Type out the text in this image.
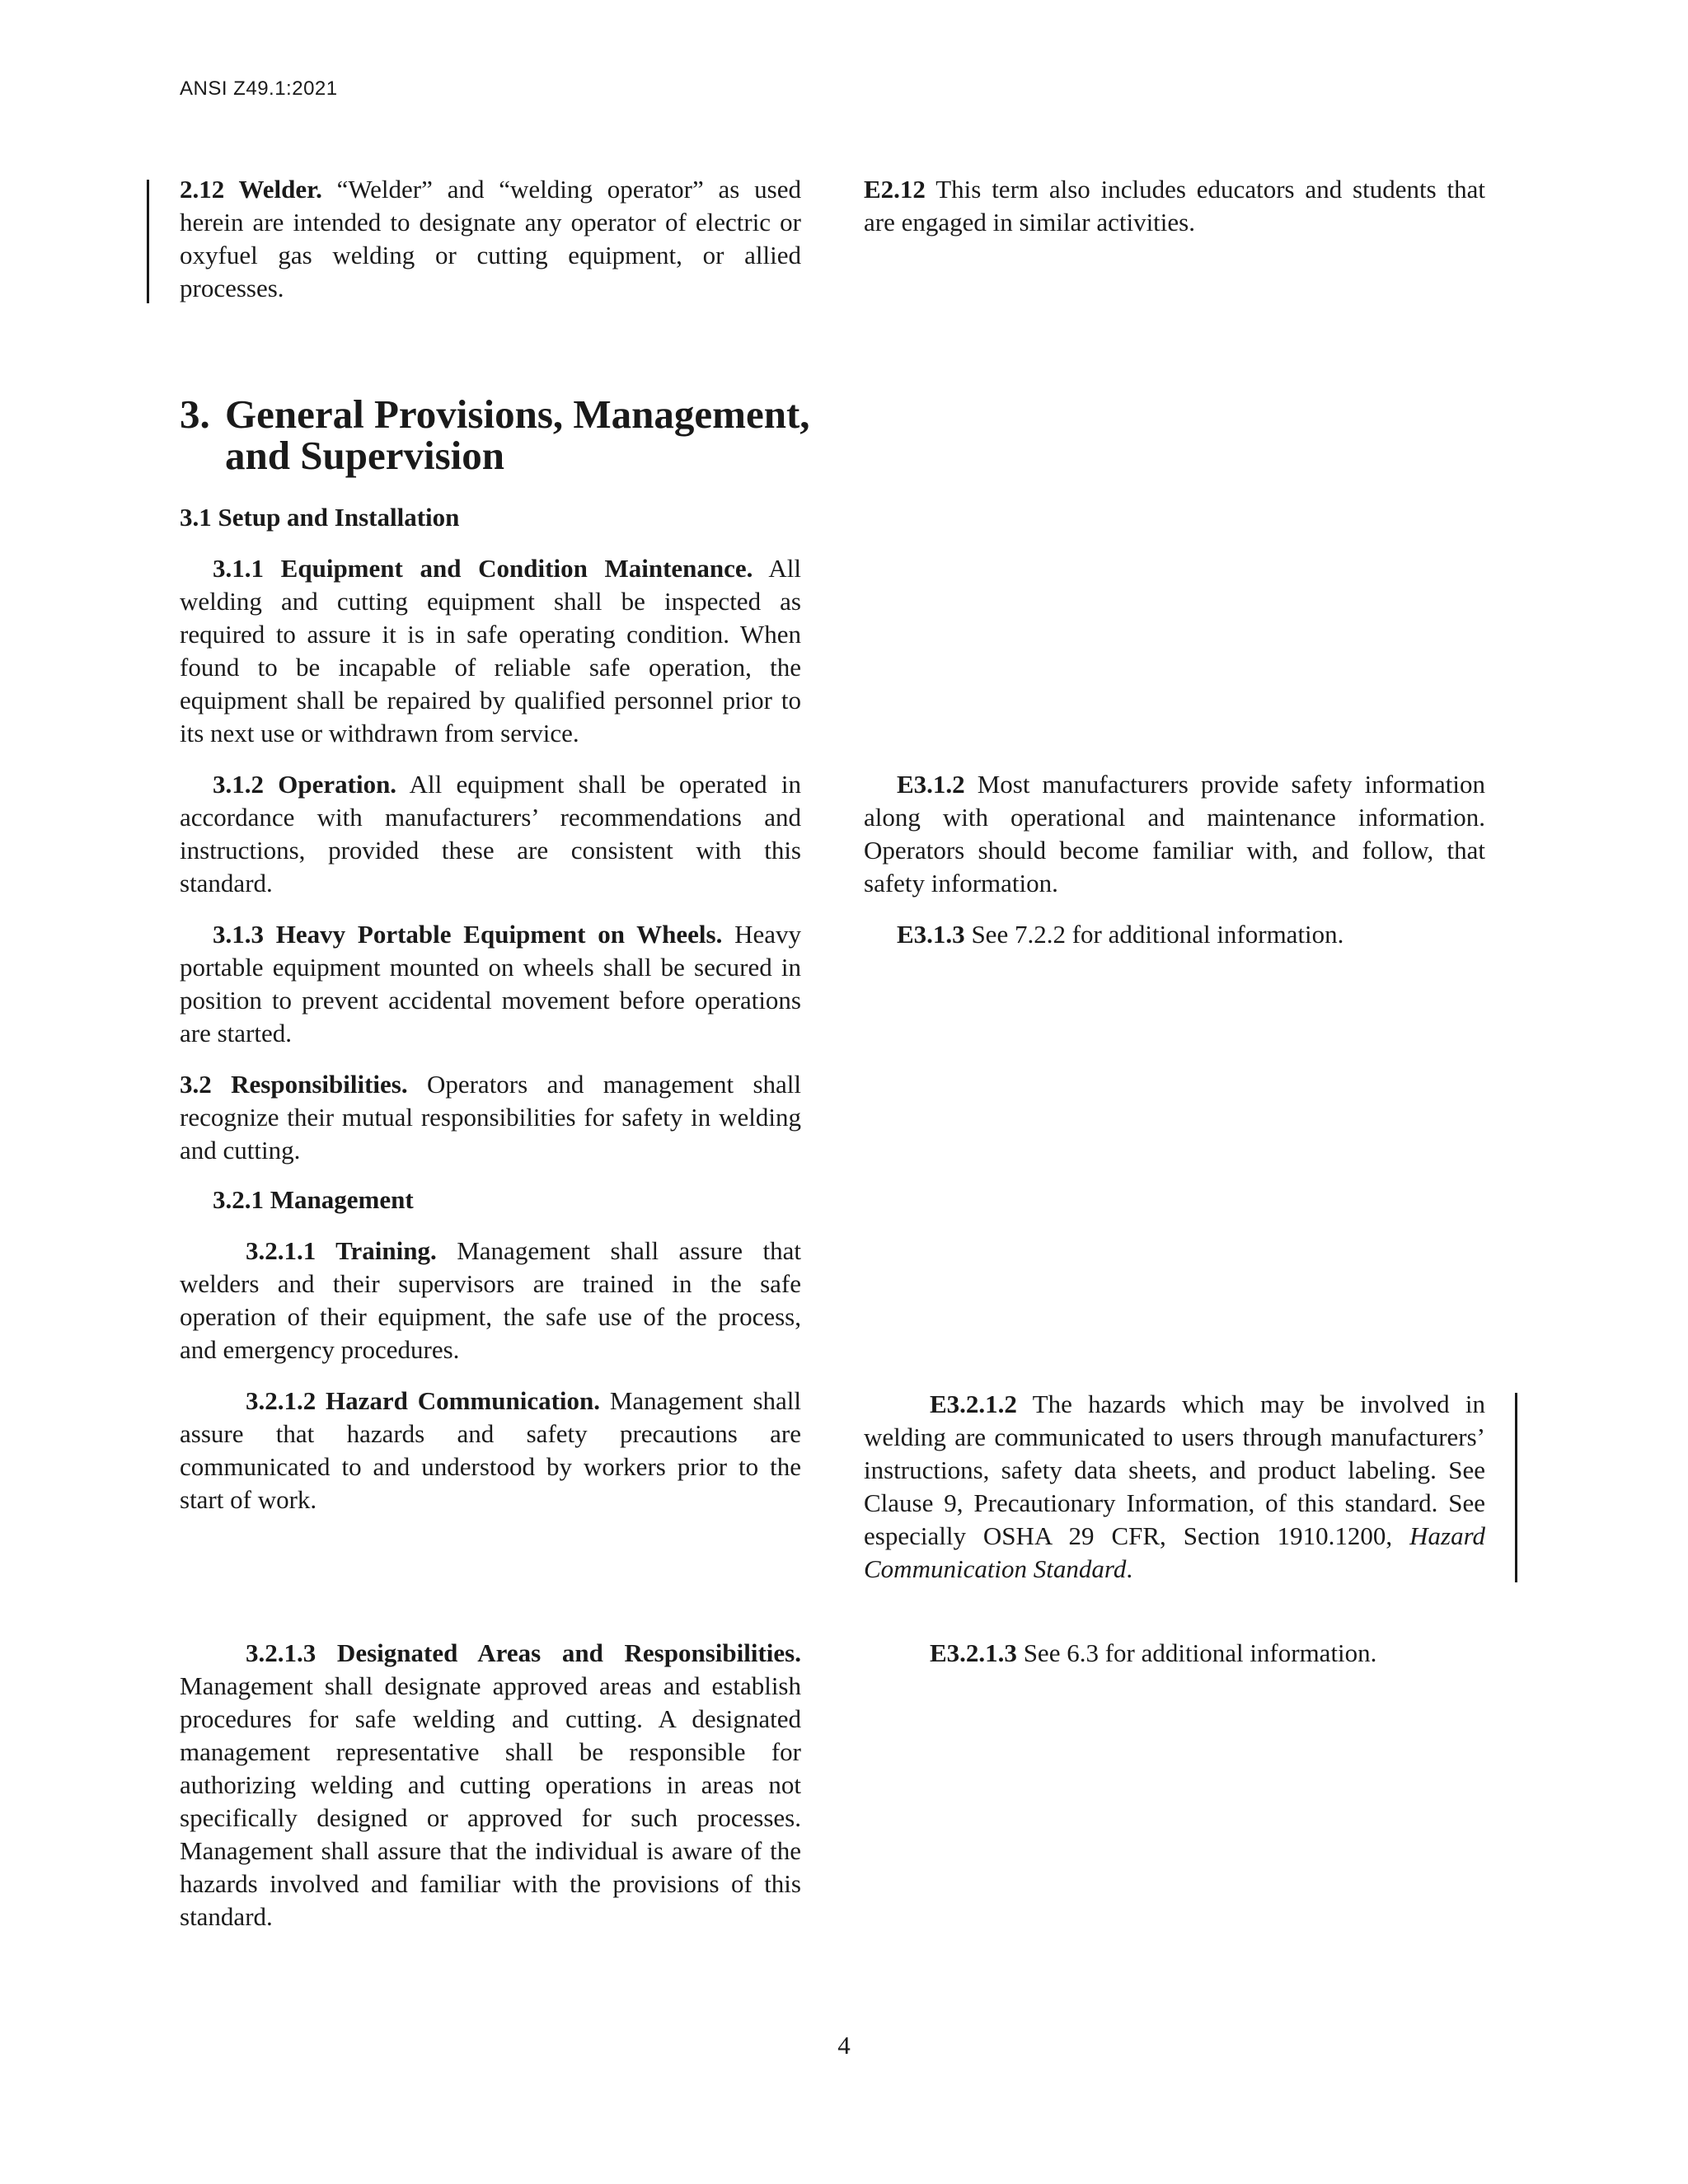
ANSI Z49.1:2021

2.12 Welder. “Welder” and “welding operator” as used herein are intended to designate any operator of electric or oxyfuel gas welding or cutting equipment, or allied processes.

E2.12 This term also includes educators and students that are engaged in similar activities.

3. General Provisions, Management,
and Supervision

3.1 Setup and Installation

3.1.1 Equipment and Condition Maintenance. All welding and cutting equipment shall be inspected as required to assure it is in safe operating condition. When found to be incapable of reliable safe operation, the equipment shall be repaired by qualified personnel prior to its next use or withdrawn from service.

3.1.2 Operation. All equipment shall be operated in accordance with manufacturers’ recommendations and instructions, provided these are consistent with this standard.

E3.1.2 Most manufacturers provide safety information along with operational and maintenance information. Operators should become familiar with, and follow, that safety information.

3.1.3 Heavy Portable Equipment on Wheels. Heavy portable equipment mounted on wheels shall be secured in position to prevent accidental movement before operations are started.

E3.1.3 See 7.2.2 for additional information.

3.2 Responsibilities. Operators and management shall recognize their mutual responsibilities for safety in welding and cutting.

3.2.1 Management

3.2.1.1 Training. Management shall assure that welders and their supervisors are trained in the safe operation of their equipment, the safe use of the process, and emergency procedures.

3.2.1.2 Hazard Communication. Management shall assure that hazards and safety precautions are communicated to and understood by workers prior to the start of work.

E3.2.1.2 The hazards which may be involved in welding are communicated to users through manufacturers’ instructions, safety data sheets, and product labeling. See Clause 9, Precautionary Information, of this standard. See especially OSHA 29 CFR, Section 1910.1200, Hazard Communication Standard.

3.2.1.3 Designated Areas and Responsibilities. Management shall designate approved areas and establish procedures for safe welding and cutting. A designated management representative shall be responsible for authorizing welding and cutting operations in areas not specifically designed or approved for such processes. Management shall assure that the individual is aware of the hazards involved and familiar with the provisions of this standard.

E3.2.1.3 See 6.3 for additional information.

4
